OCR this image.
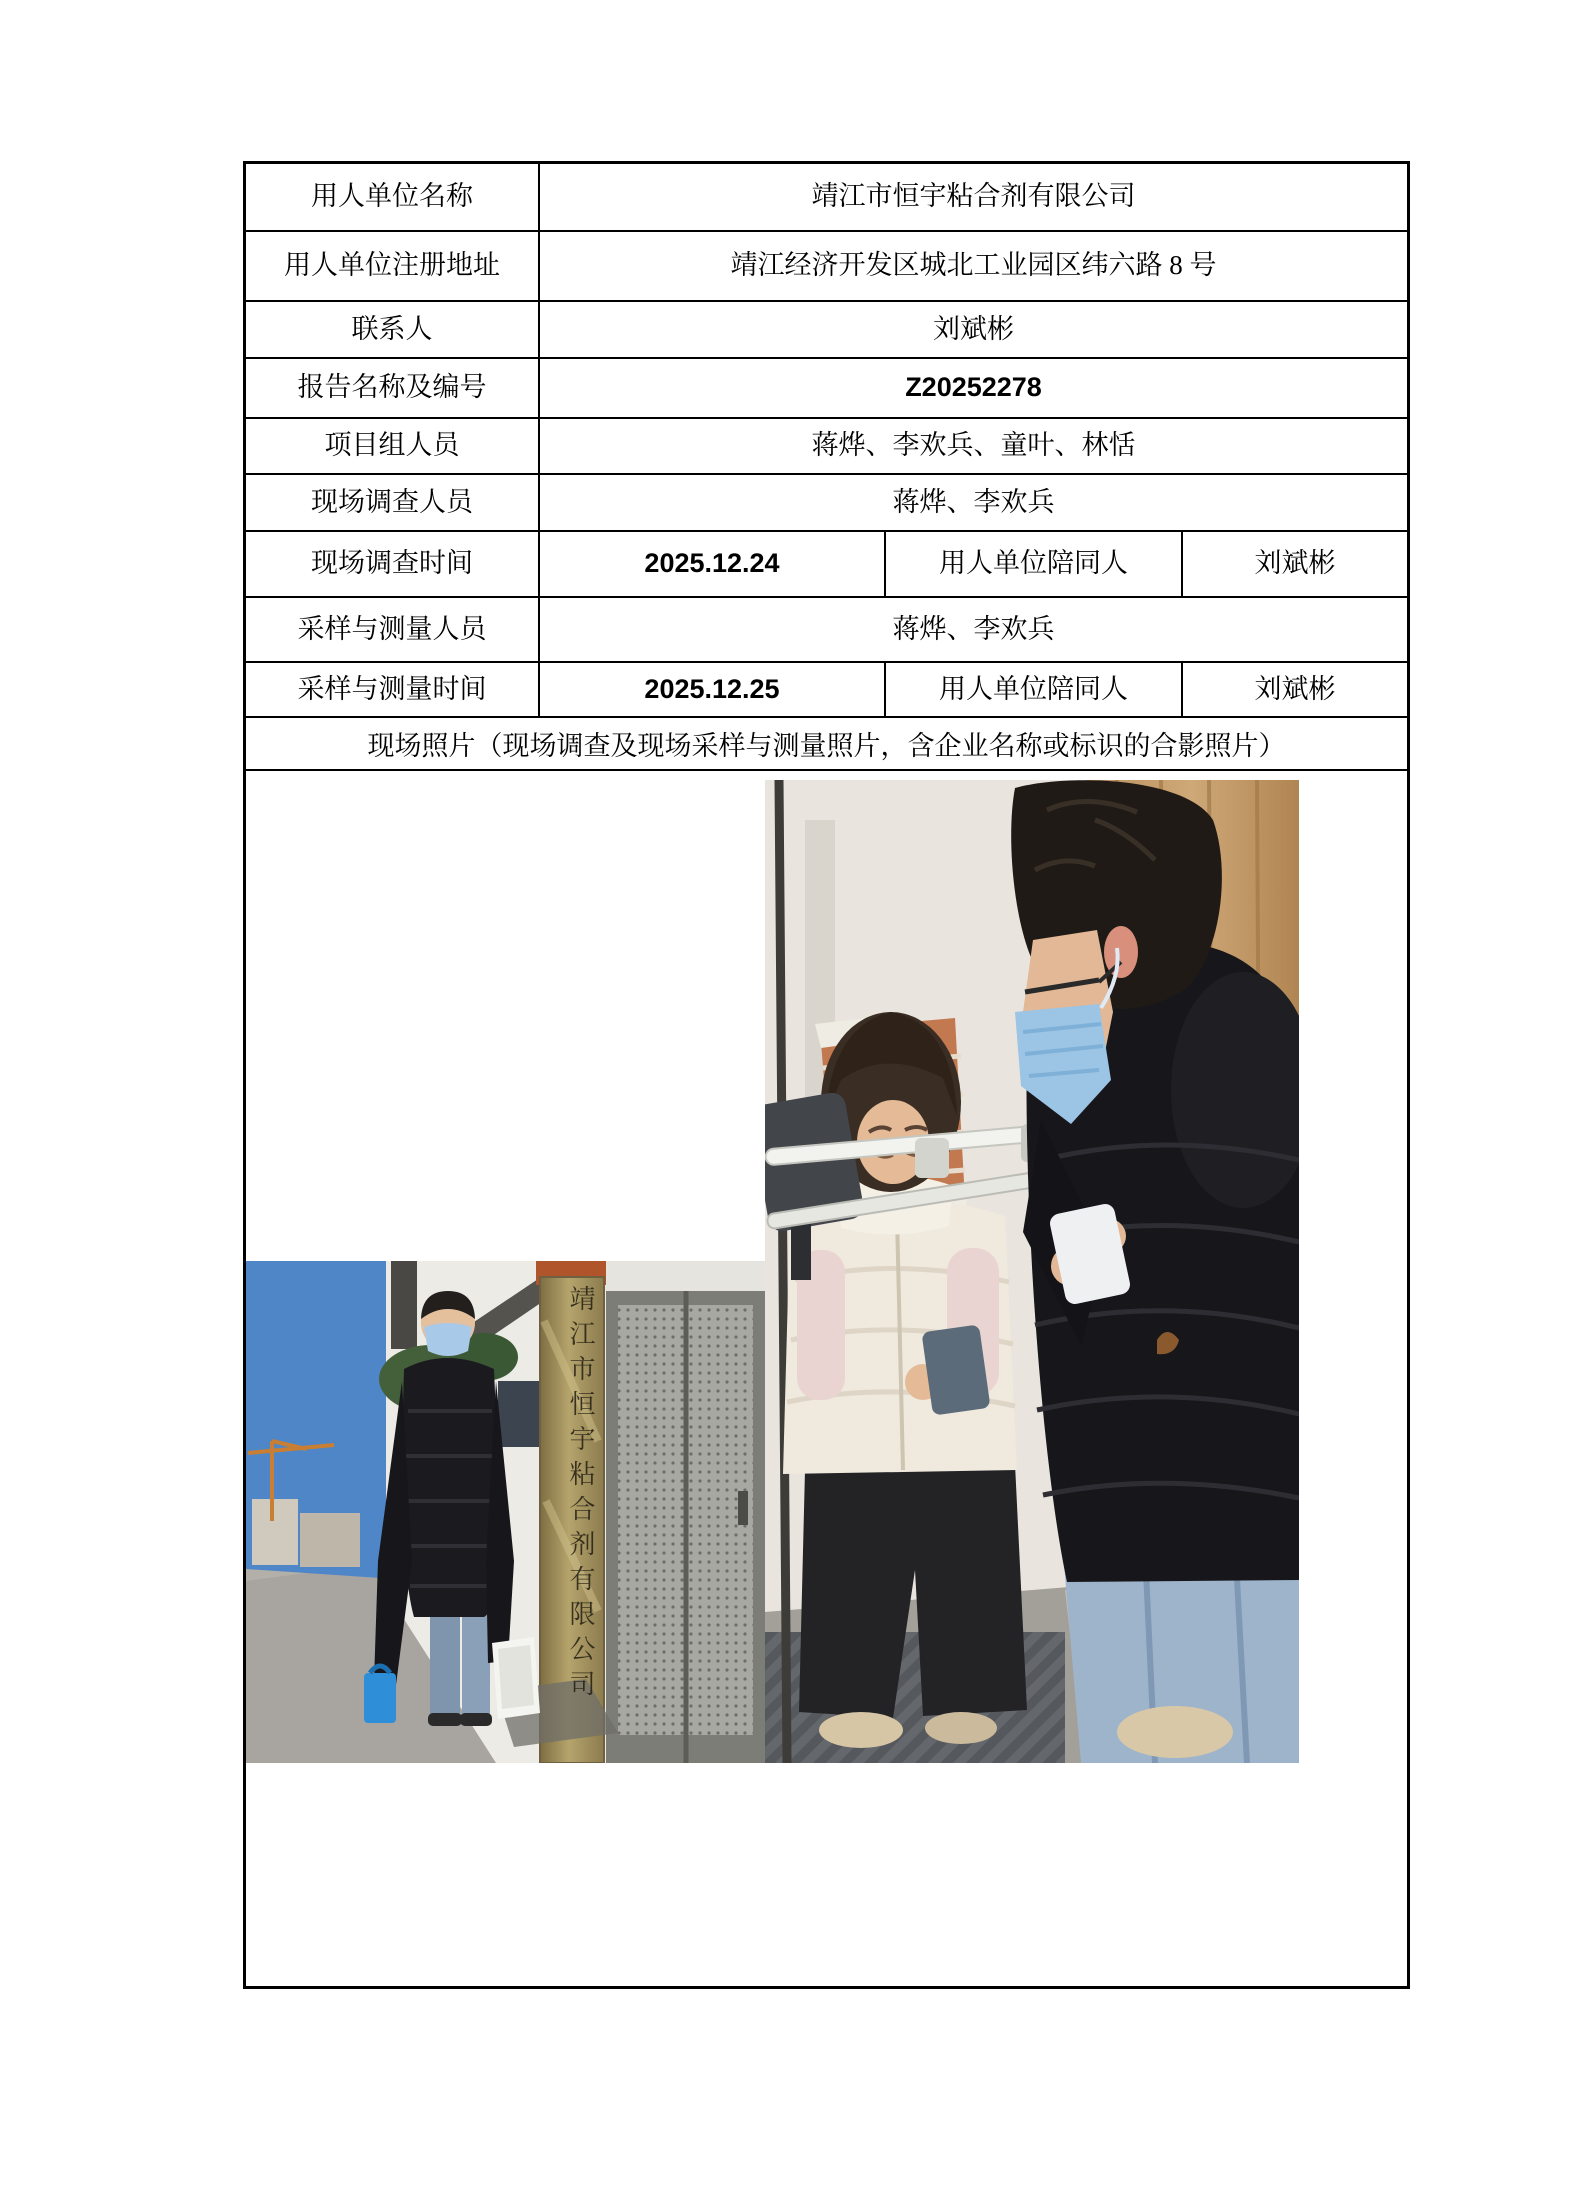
用人单位名称	靖江市恒宇粘合剂有限公司
用人单位注册地址	靖江经济开发区城北工业园区纬六路 8 号
联系人	刘斌彬
报告名称及编号	Z20252278
项目组人员	蒋烨、李欢兵、童叶、林恬
现场调查人员	蒋烨、李欢兵
现场调查时间	2025.12.24	用人单位陪同人	刘斌彬
采样与测量人员	蒋烨、李欢兵
采样与测量时间	2025.12.25	用人单位陪同人	刘斌彬
现场照片（现场调查及现场采样与测量照片，含企业名称或标识的合影照片）
靖江市恒宇粘合剂有限公司
